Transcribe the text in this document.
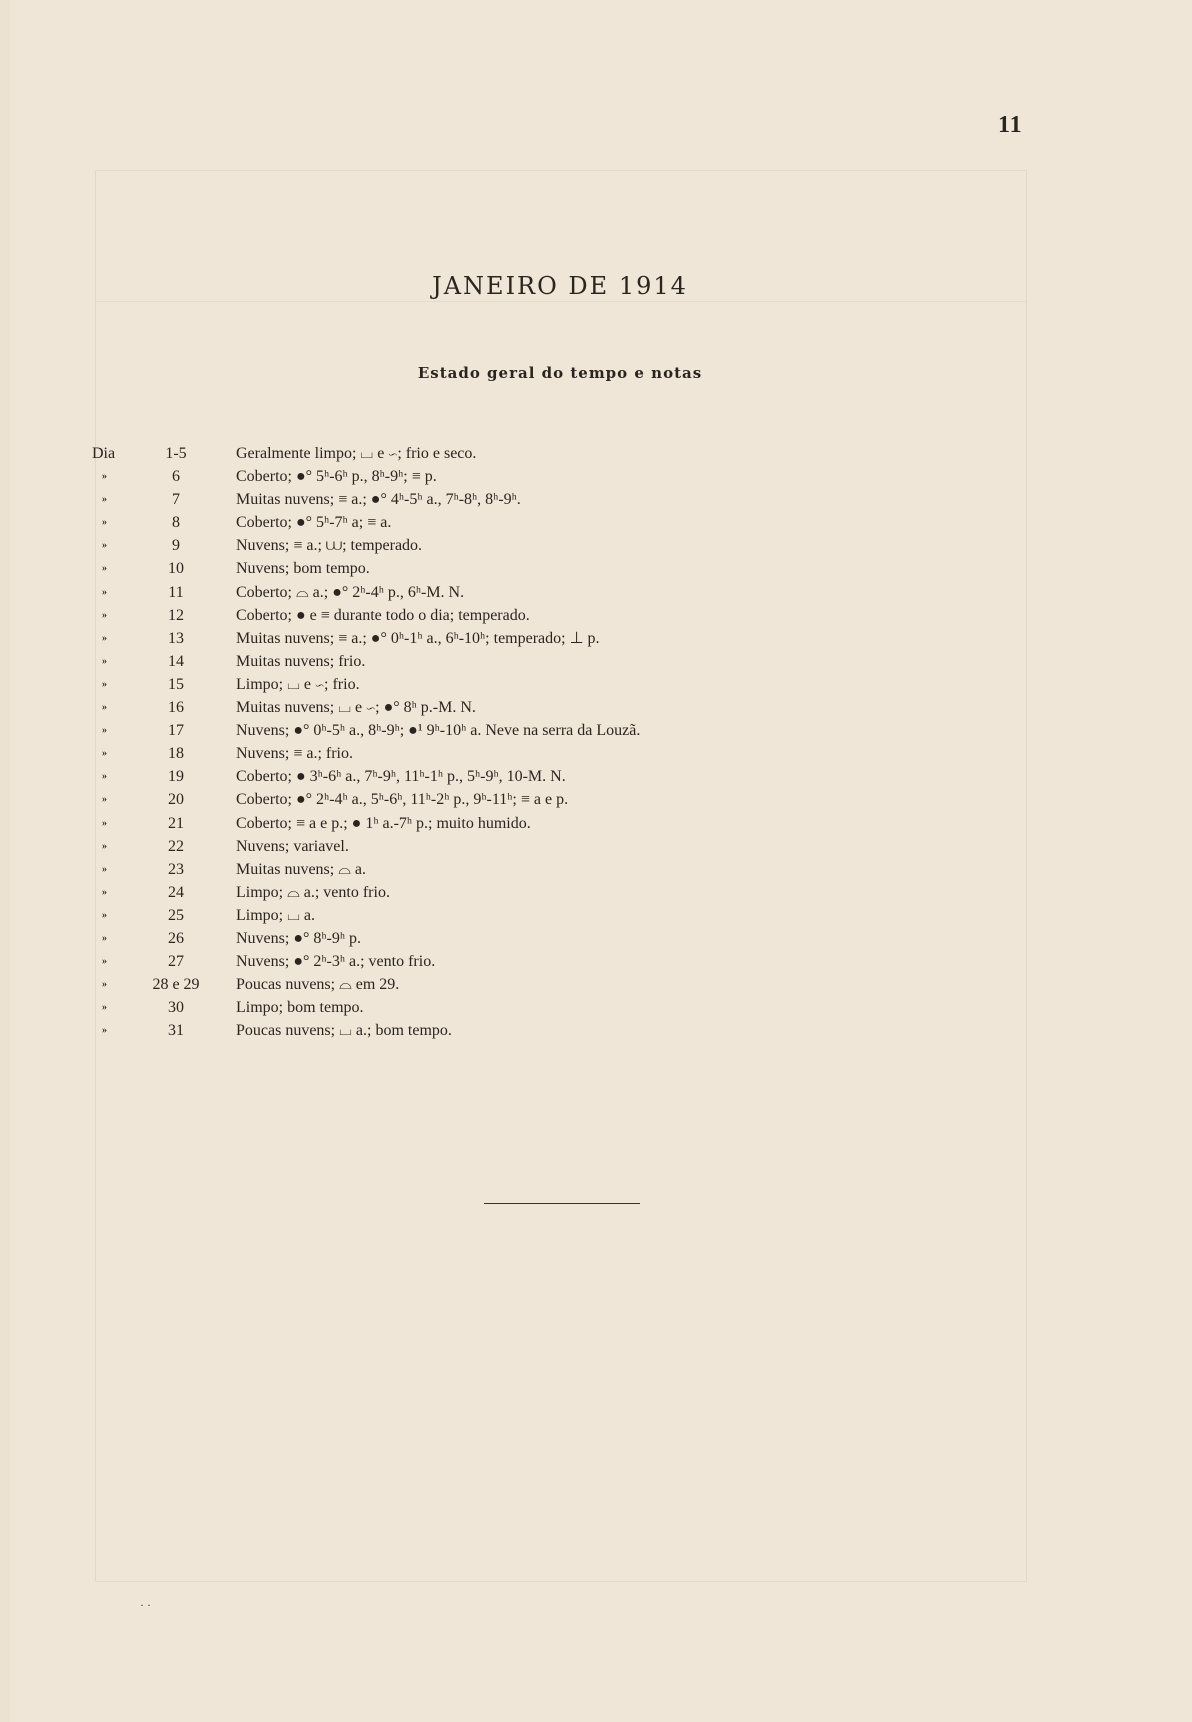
11
JANEIRO DE 1914
Estado geral do tempo e notas
Dia	1-5	Geralmente limpo; ⌴ e ∽; frio e seco.
»	6	Coberto; ●° 5ʰ-6ʰ p., 8ʰ-9ʰ; ≡ p.
»	7	Muitas nuvens; ≡ a.; ●° 4ʰ-5ʰ a., 7ʰ-8ʰ, 8ʰ-9ʰ.
»	8	Coberto; ●° 5ʰ-7ʰ a; ≡ a.
»	9	Nuvens; ≡ a.; ⩊; temperado.
»	10	Nuvens; bom tempo.
»	11	Coberto; ⌓ a.; ●° 2ʰ-4ʰ p., 6ʰ-M. N.
»	12	Coberto; ● e ≡ durante todo o dia; temperado.
»	13	Muitas nuvens; ≡ a.; ●° 0ʰ-1ʰ a., 6ʰ-10ʰ; temperado; ⊥ p.
»	14	Muitas nuvens; frio.
»	15	Limpo; ⌴ e ∽; frio.
»	16	Muitas nuvens; ⌴ e ∽; ●° 8ʰ p.-M. N.
»	17	Nuvens; ●° 0ʰ-5ʰ a., 8ʰ-9ʰ; ●¹ 9ʰ-10ʰ a. Neve na serra da Louzã.
»	18	Nuvens; ≡ a.; frio.
»	19	Coberto; ● 3ʰ-6ʰ a., 7ʰ-9ʰ, 11ʰ-1ʰ p., 5ʰ-9ʰ, 10-M. N.
»	20	Coberto; ●° 2ʰ-4ʰ a., 5ʰ-6ʰ, 11ʰ-2ʰ p., 9ʰ-11ʰ; ≡ a e p.
»	21	Coberto; ≡ a e p.; ● 1ʰ a.-7ʰ p.; muito humido.
»	22	Nuvens; variavel.
»	23	Muitas nuvens; ⌓ a.
»	24	Limpo; ⌓ a.; vento frio.
»	25	Limpo; ⌴ a.
»	26	Nuvens; ●° 8ʰ-9ʰ p.
»	27	Nuvens; ●° 2ʰ-3ʰ a.; vento frio.
»	28 e 29	Poucas nuvens; ⌓ em 29.
»	30	Limpo; bom tempo.
»	31	Poucas nuvens; ⌴ a.; bom tempo.
· ·
